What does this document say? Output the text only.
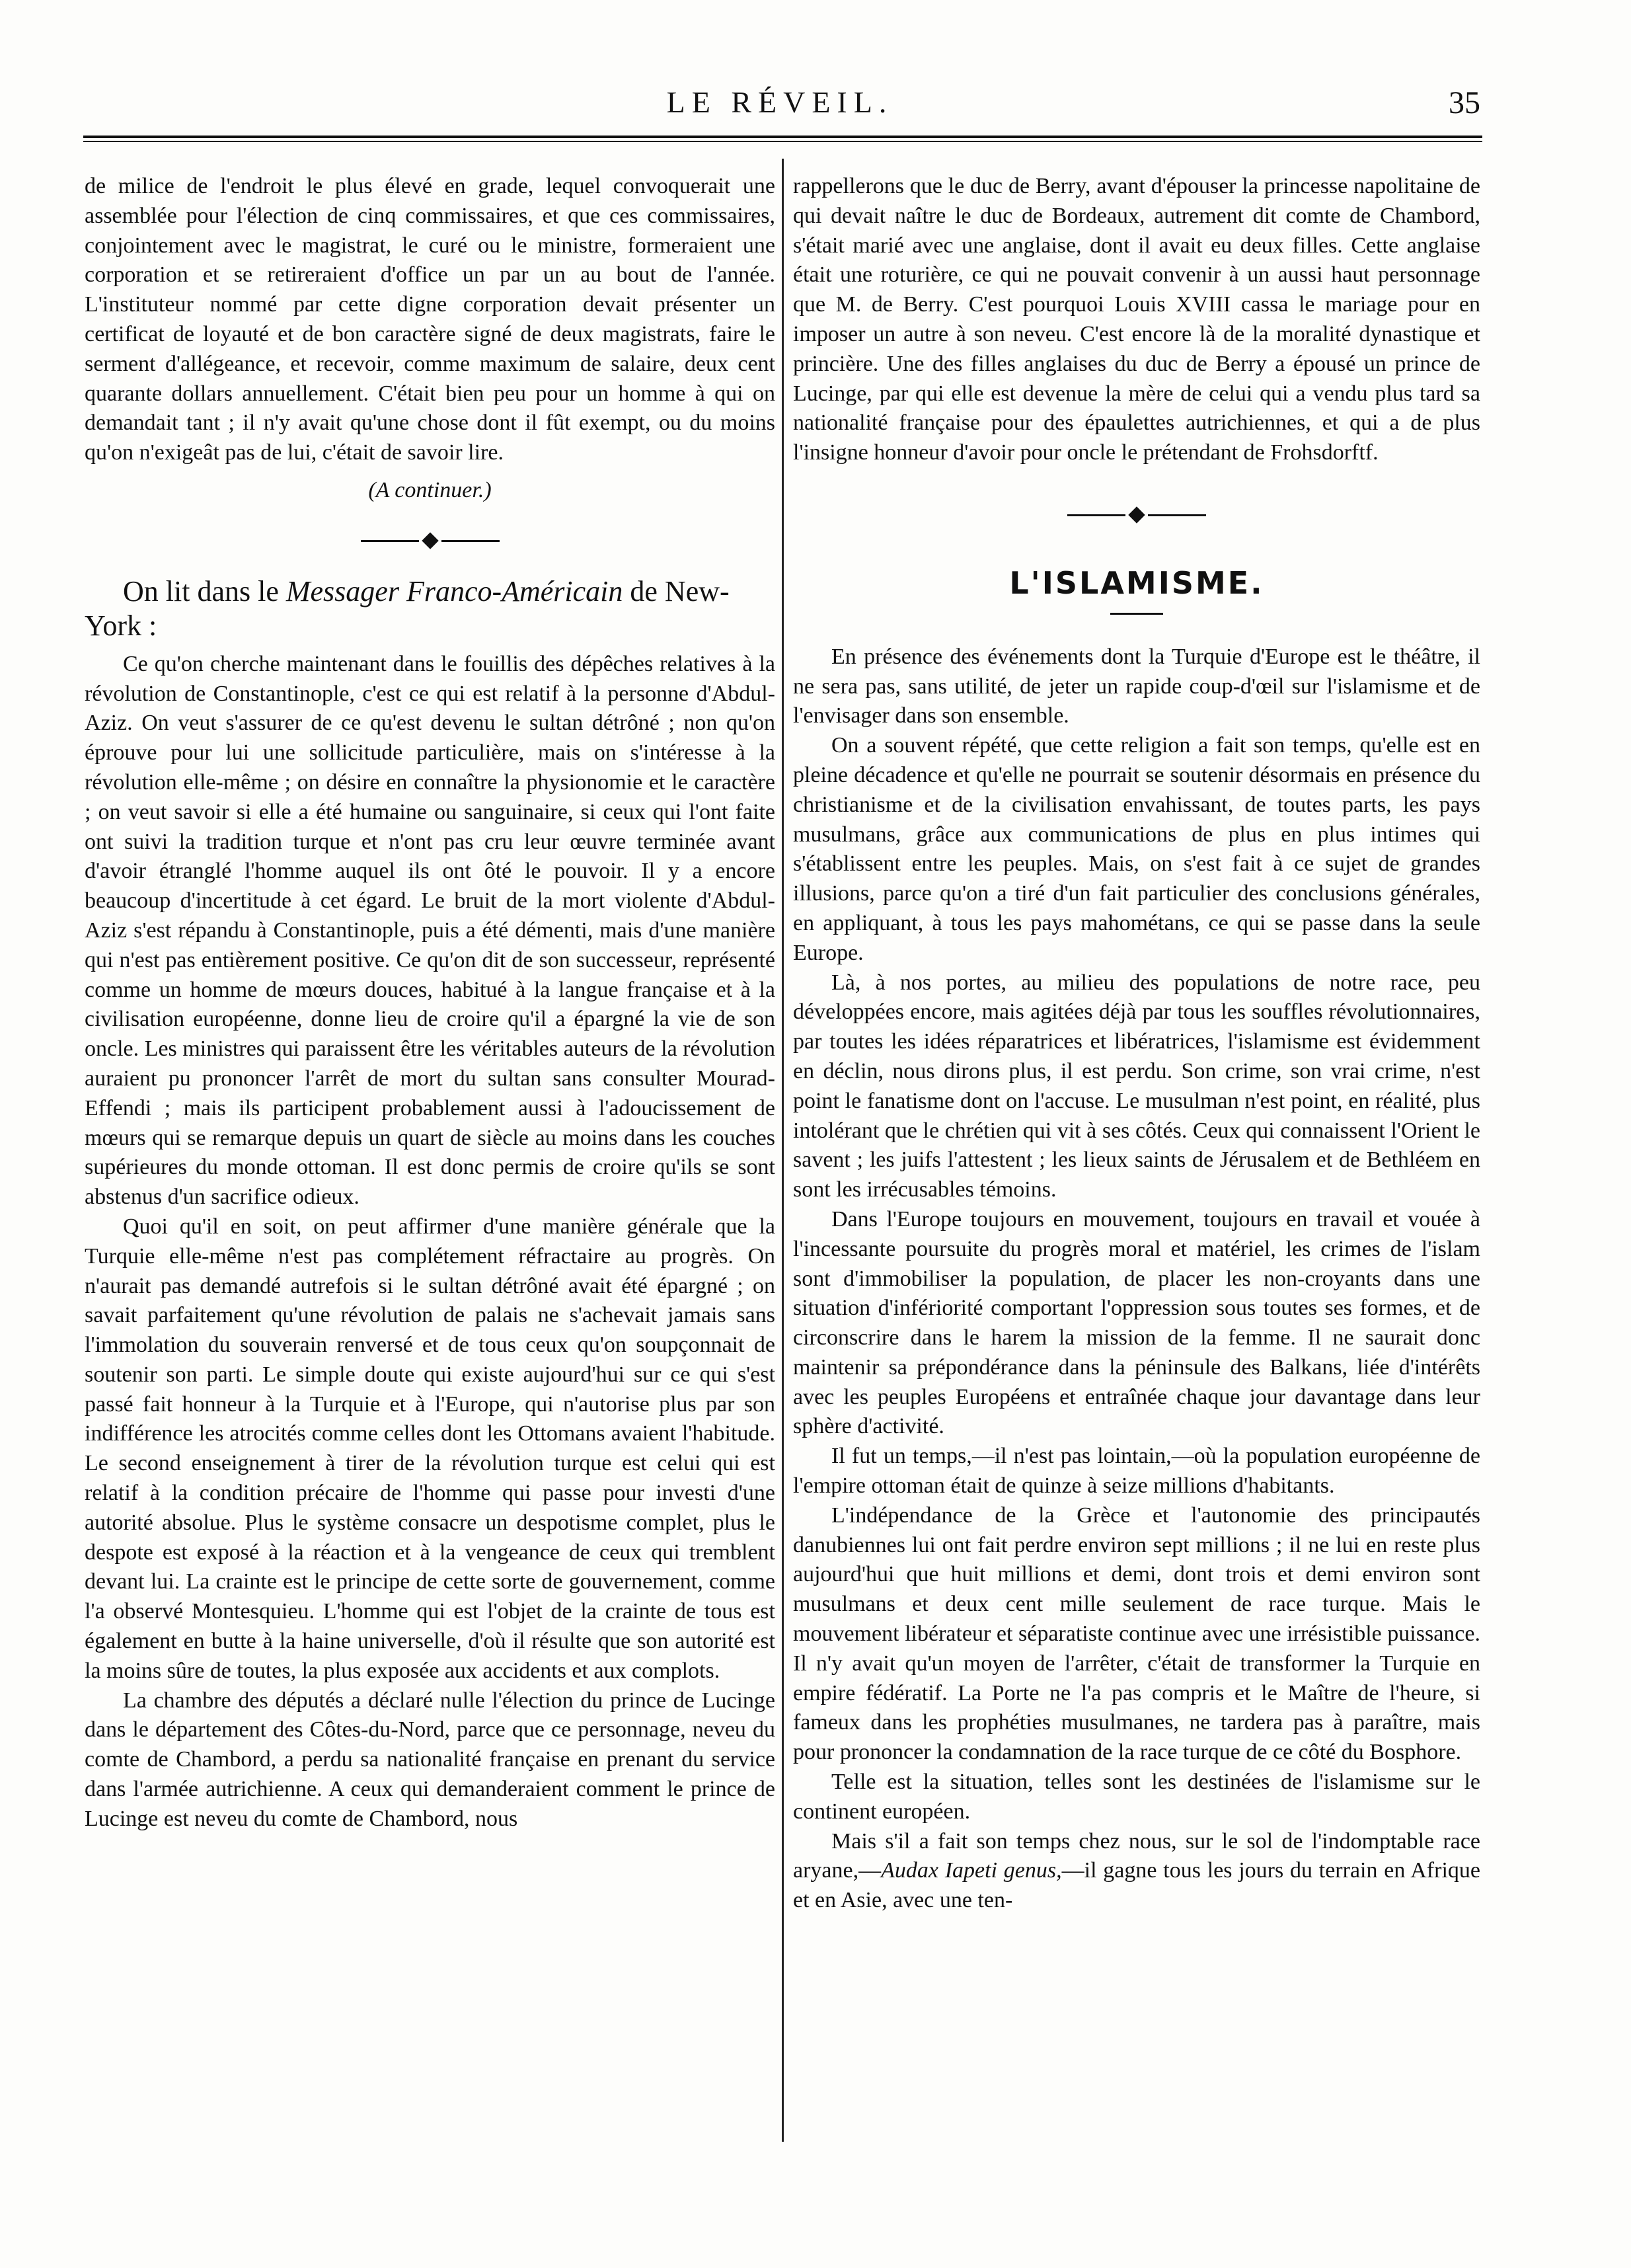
LE RÉVEIL.	35

de milice de l'endroit le plus élevé en grade, lequel convoquerait une assemblée pour l'élection de cinq commissaires, et que ces commissaires, conjointement avec le magistrat, le curé ou le ministre, formeraient une corporation et se retireraient d'office un par un au bout de l'année. L'instituteur nommé par cette digne corporation devait présenter un certificat de loyauté et de bon caractère signé de deux magistrats, faire le serment d'allégeance, et recevoir, comme maximum de salaire, deux cent quarante dollars annuellement. C'était bien peu pour un homme à qui on demandait tant ; il n'y avait qu'une chose dont il fût exempt, ou du moins qu'on n'exigeât pas de lui, c'était de savoir lire.

(A continuer.)

On lit dans le Messager Franco-Américain de New-York :

Ce qu'on cherche maintenant dans le fouillis des dépêches relatives à la révolution de Constantinople, c'est ce qui est relatif à la personne d'Abdul-Aziz. On veut s'assurer de ce qu'est devenu le sultan détrôné ; non qu'on éprouve pour lui une sollicitude particulière, mais on s'intéresse à la révolution elle-même ; on désire en connaître la physionomie et le caractère ; on veut savoir si elle a été humaine ou sanguinaire, si ceux qui l'ont faite ont suivi la tradition turque et n'ont pas cru leur œuvre terminée avant d'avoir étranglé l'homme auquel ils ont ôté le pouvoir. Il y a encore beaucoup d'incertitude à cet égard. Le bruit de la mort violente d'Abdul-Aziz s'est répandu à Constantinople, puis a été démenti, mais d'une manière qui n'est pas entièrement positive. Ce qu'on dit de son successeur, représenté comme un homme de mœurs douces, habitué à la langue française et à la civilisation européenne, donne lieu de croire qu'il a épargné la vie de son oncle. Les ministres qui paraissent être les véritables auteurs de la révolution auraient pu prononcer l'arrêt de mort du sultan sans consulter Mourad-Effendi ; mais ils participent probablement aussi à l'adoucissement de mœurs qui se remarque depuis un quart de siècle au moins dans les couches supérieures du monde ottoman. Il est donc permis de croire qu'ils se sont abstenus d'un sacrifice odieux.

Quoi qu'il en soit, on peut affirmer d'une manière générale que la Turquie elle-même n'est pas complétement réfractaire au progrès. On n'aurait pas demandé autrefois si le sultan détrôné avait été épargné ; on savait parfaitement qu'une révolution de palais ne s'achevait jamais sans l'immolation du souverain renversé et de tous ceux qu'on soupçonnait de soutenir son parti. Le simple doute qui existe aujourd'hui sur ce qui s'est passé fait honneur à la Turquie et à l'Europe, qui n'autorise plus par son indifférence les atrocités comme celles dont les Ottomans avaient l'habitude. Le second enseignement à tirer de la révolution turque est celui qui est relatif à la condition précaire de l'homme qui passe pour investi d'une autorité absolue. Plus le système consacre un despotisme complet, plus le despote est exposé à la réaction et à la vengeance de ceux qui tremblent devant lui. La crainte est le principe de cette sorte de gouvernement, comme l'a observé Montesquieu. L'homme qui est l'objet de la crainte de tous est également en butte à la haine universelle, d'où il résulte que son autorité est la moins sûre de toutes, la plus exposée aux accidents et aux complots.

La chambre des députés a déclaré nulle l'élection du prince de Lucinge dans le département des Côtes-du-Nord, parce que ce personnage, neveu du comte de Chambord, a perdu sa nationalité française en prenant du service dans l'armée autrichienne. A ceux qui demanderaient comment le prince de Lucinge est neveu du comte de Chambord, nous

rappellerons que le duc de Berry, avant d'épouser la princesse napolitaine de qui devait naître le duc de Bordeaux, autrement dit comte de Chambord, s'était marié avec une anglaise, dont il avait eu deux filles. Cette anglaise était une roturière, ce qui ne pouvait convenir à un aussi haut personnage que M. de Berry. C'est pourquoi Louis XVIII cassa le mariage pour en imposer un autre à son neveu. C'est encore là de la moralité dynastique et princière. Une des filles anglaises du duc de Berry a épousé un prince de Lucinge, par qui elle est devenue la mère de celui qui a vendu plus tard sa nationalité française pour des épaulettes autrichiennes, et qui a de plus l'insigne honneur d'avoir pour oncle le prétendant de Frohsdorftf.

L'ISLAMISME.

En présence des événements dont la Turquie d'Europe est le théâtre, il ne sera pas, sans utilité, de jeter un rapide coup-d'œil sur l'islamisme et de l'envisager dans son ensemble.

On a souvent répété, que cette religion a fait son temps, qu'elle est en pleine décadence et qu'elle ne pourrait se soutenir désormais en présence du christianisme et de la civilisation envahissant, de toutes parts, les pays musulmans, grâce aux communications de plus en plus intimes qui s'établissent entre les peuples. Mais, on s'est fait à ce sujet de grandes illusions, parce qu'on a tiré d'un fait particulier des conclusions générales, en appliquant, à tous les pays mahométans, ce qui se passe dans la seule Europe.

Là, à nos portes, au milieu des populations de notre race, peu développées encore, mais agitées déjà par tous les souffles révolutionnaires, par toutes les idées réparatrices et libératrices, l'islamisme est évidemment en déclin, nous dirons plus, il est perdu. Son crime, son vrai crime, n'est point le fanatisme dont on l'accuse. Le musulman n'est point, en réalité, plus intolérant que le chrétien qui vit à ses côtés. Ceux qui connaissent l'Orient le savent ; les juifs l'attestent ; les lieux saints de Jérusalem et de Bethléem en sont les irrécusables témoins.

Dans l'Europe toujours en mouvement, toujours en travail et vouée à l'incessante poursuite du progrès moral et matériel, les crimes de l'islam sont d'immobiliser la population, de placer les non-croyants dans une situation d'infériorité comportant l'oppression sous toutes ses formes, et de circonscrire dans le harem la mission de la femme. Il ne saurait donc maintenir sa prépondérance dans la péninsule des Balkans, liée d'intérêts avec les peuples Européens et entraînée chaque jour davantage dans leur sphère d'activité.

Il fut un temps,—il n'est pas lointain,—où la population européenne de l'empire ottoman était de quinze à seize millions d'habitants.

L'indépendance de la Grèce et l'autonomie des principautés danubiennes lui ont fait perdre environ sept millions ; il ne lui en reste plus aujourd'hui que huit millions et demi, dont trois et demi environ sont musulmans et deux cent mille seulement de race turque. Mais le mouvement libérateur et séparatiste continue avec une irrésistible puissance. Il n'y avait qu'un moyen de l'arrêter, c'était de transformer la Turquie en empire fédératif. La Porte ne l'a pas compris et le Maître de l'heure, si fameux dans les prophéties musulmanes, ne tardera pas à paraître, mais pour prononcer la condamnation de la race turque de ce côté du Bosphore.

Telle est la situation, telles sont les destinées de l'islamisme sur le continent européen.

Mais s'il a fait son temps chez nous, sur le sol de l'indomptable race aryane,—Audax Iapeti genus,—il gagne tous les jours du terrain en Afrique et en Asie, avec une ten-
